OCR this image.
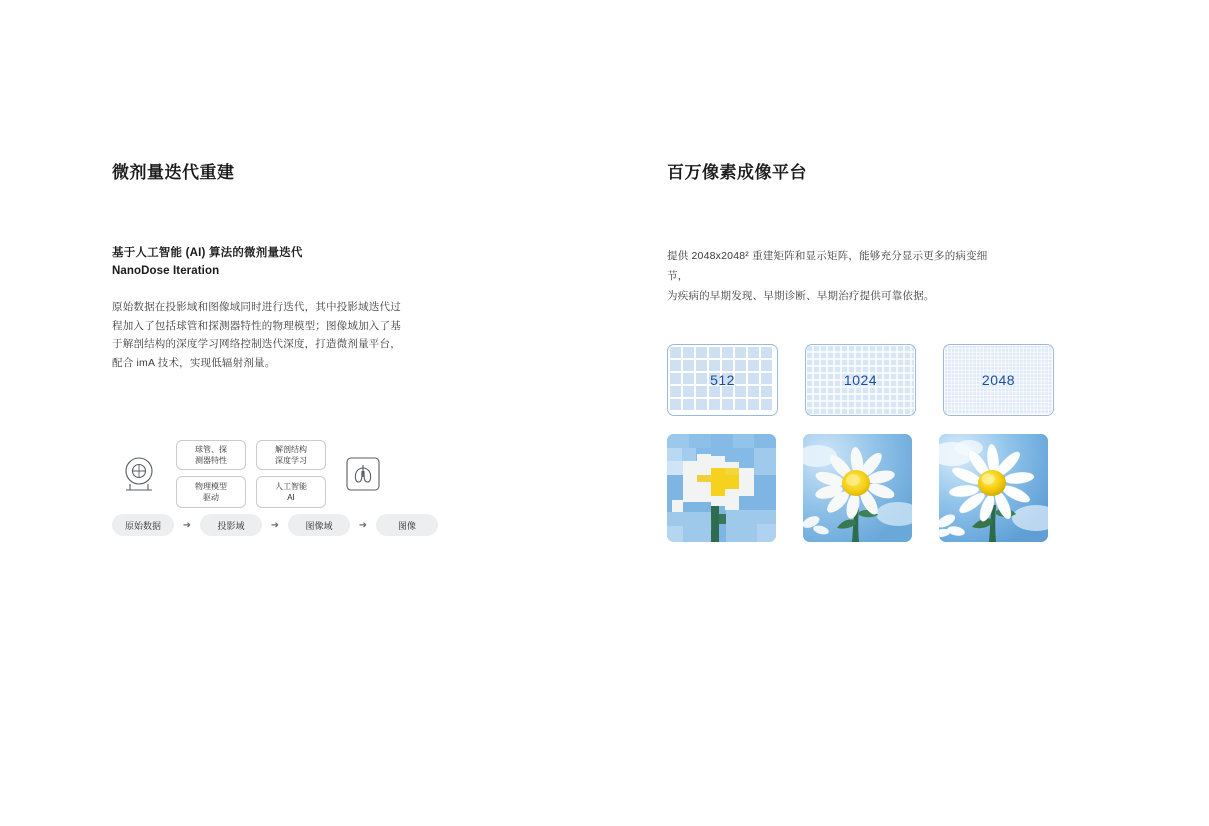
微剂量迭代重建
基于人工智能 (AI) 算法的微剂量迭代
NanoDose Iteration

原始数据在投影域和图像域同时进行迭代，其中投影域迭代过程加入了包括球管和探测器特性的物理模型；图像域加入了基于解剖结构的深度学习网络控制迭代深度，打造微剂量平台，配合 imA 技术，实现低辐射剂量。

球管、探
测器特性
物理模型
驱动
解剖结构
深度学习
人工智能
AI
原始数据	➜	投影域	➜	图像域	➜	图像
百万像素成像平台
提供 2048x2048² 重建矩阵和显示矩阵，能够充分显示更多的病变细节，
为疾病的早期发现、早期诊断、早期治疗提供可靠依据。
512	1024	2048
